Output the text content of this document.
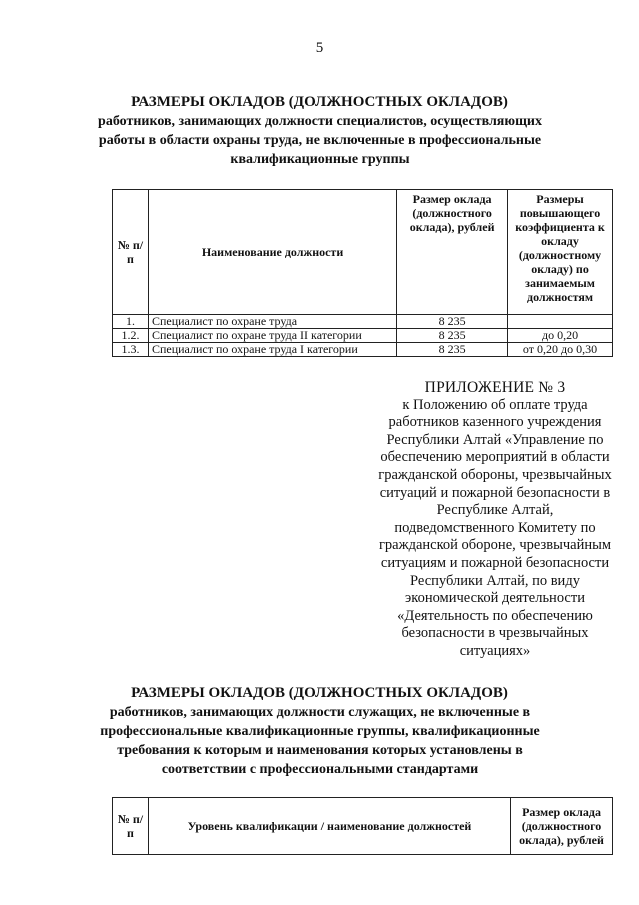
5
РАЗМЕРЫ ОКЛАДОВ (ДОЛЖНОСТНЫХ ОКЛАДОВ)
работников, занимающих должности специалистов, осуществляющих работы в области охраны труда, не включенные в профессиональные квалификационные группы
№ п/п	Наименование должности	Размер оклада (должностного оклада), рублей	Размеры повышающего коэффициента к окладу (должностному окладу) по занимаемым должностям
1.	Специалист по охране труда	8 235	
1.2.	Специалист по охране труда II категории	8 235	до 0,20
1.3.	Специалист по охране труда I категории	8 235	от 0,20 до 0,30
ПРИЛОЖЕНИЕ № 3
к Положению об оплате труда
работников казенного учреждения
Республики Алтай «Управление по
обеспечению мероприятий в области
гражданской обороны, чрезвычайных
ситуаций и пожарной безопасности в
Республике Алтай,
подведомственного Комитету по
гражданской обороне, чрезвычайным
ситуациям и пожарной безопасности
Республики Алтай, по виду
экономической деятельности
«Деятельность по обеспечению
безопасности в чрезвычайных
ситуациях»
РАЗМЕРЫ ОКЛАДОВ (ДОЛЖНОСТНЫХ ОКЛАДОВ)
работников, занимающих должности служащих, не включенные в профессиональные квалификационные группы, квалификационные требования к которым и наименования которых установлены в соответствии с профессиональными стандартами
№ п/п	Уровень квалификации / наименование должностей	Размер оклада (должностного оклада), рублей
